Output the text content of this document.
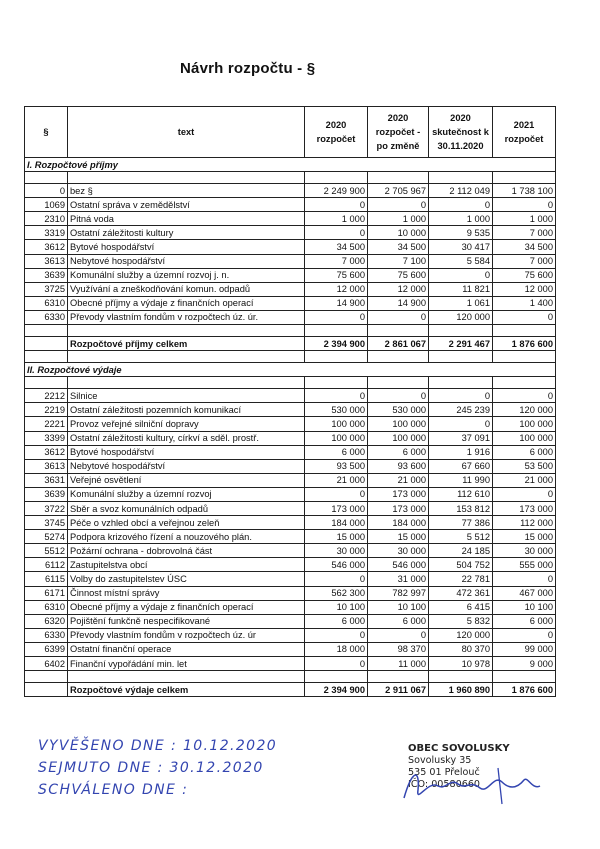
Návrh rozpočtu - §
§	text	2020 rozpočet	2020 rozpočet - po změně	2020 skutečnost k 30.11.2020	2021 rozpočet
I. Rozpočtové příjmy					

0	bez §	2 249 900	2 705 967	2 112 049	1 738 100
1069	Ostatní správa v zemědělství	0	0	0	0
2310	Pitná voda	1 000	1 000	1 000	1 000
3319	Ostatní záležitosti kultury	0	10 000	9 535	7 000
3612	Bytové hospodářství	34 500	34 500	30 417	34 500
3613	Nebytové hospodářství	7 000	7 100	5 584	7 000
3639	Komunální služby a územní rozvoj j. n.	75 600	75 600	0	75 600
3725	Využívání a zneškodňování komun. odpadů	12 000	12 000	11 821	12 000
6310	Obecné příjmy a výdaje z finančních operací	14 900	14 900	1 061	1 400
6330	Převody vlastním fondům v rozpočtech úz. úr.	0	0	120 000	0

	Rozpočtové příjmy celkem	2 394 900	2 861 067	2 291 467	1 876 600

II. Rozpočtové výdaje					

2212	Silnice	0	0	0	0
2219	Ostatní záležitosti pozemních komunikací	530 000	530 000	245 239	120 000
2221	Provoz veřejné silniční dopravy	100 000	100 000	0	100 000
3399	Ostatní záležitosti kultury, církví a sděl. prostř.	100 000	100 000	37 091	100 000
3612	Bytové hospodářství	6 000	6 000	1 916	6 000
3613	Nebytové hospodářství	93 500	93 600	67 660	53 500
3631	Veřejné osvětlení	21 000	21 000	11 990	21 000
3639	Komunální služby a územní rozvoj	0	173 000	112 610	0
3722	Sběr a svoz komunálních odpadů	173 000	173 000	153 812	173 000
3745	Péče o vzhled obcí a veřejnou zeleň	184 000	184 000	77 386	112 000
5274	Podpora krizového řízení a nouzového plán.	15 000	15 000	5 512	15 000
5512	Požární ochrana - dobrovolná část	30 000	30 000	24 185	30 000
6112	Zastupitelstva obcí	546 000	546 000	504 752	555 000
6115	Volby do zastupitelstev ÚSC	0	31 000	22 781	0
6171	Činnost místní správy	562 300	782 997	472 361	467 000
6310	Obecné příjmy a výdaje z finančních operací	10 100	10 100	6 415	10 100
6320	Pojištění funkčně nespecifikované	6 000	6 000	5 832	6 000
6330	Převody vlastním fondům v rozpočtech úz. úr	0	0	120 000	0
6399	Ostatní finanční operace	18 000	98 370	80 370	99 000
6402	Finanční vypořádání min. let	0	11 000	10 978	9 000

	Rozpočtové výdaje celkem	2 394 900	2 911 067	1 960 890	1 876 600
VYVĚŠENO DNE : 10.12.2020
SEJMUTO DNE : 30.12.2020
SCHVÁLENO DNE :
OBEC SOVOLUSKY
Sovolusky 35
535 01 Přelouč
IČO: 00580660
